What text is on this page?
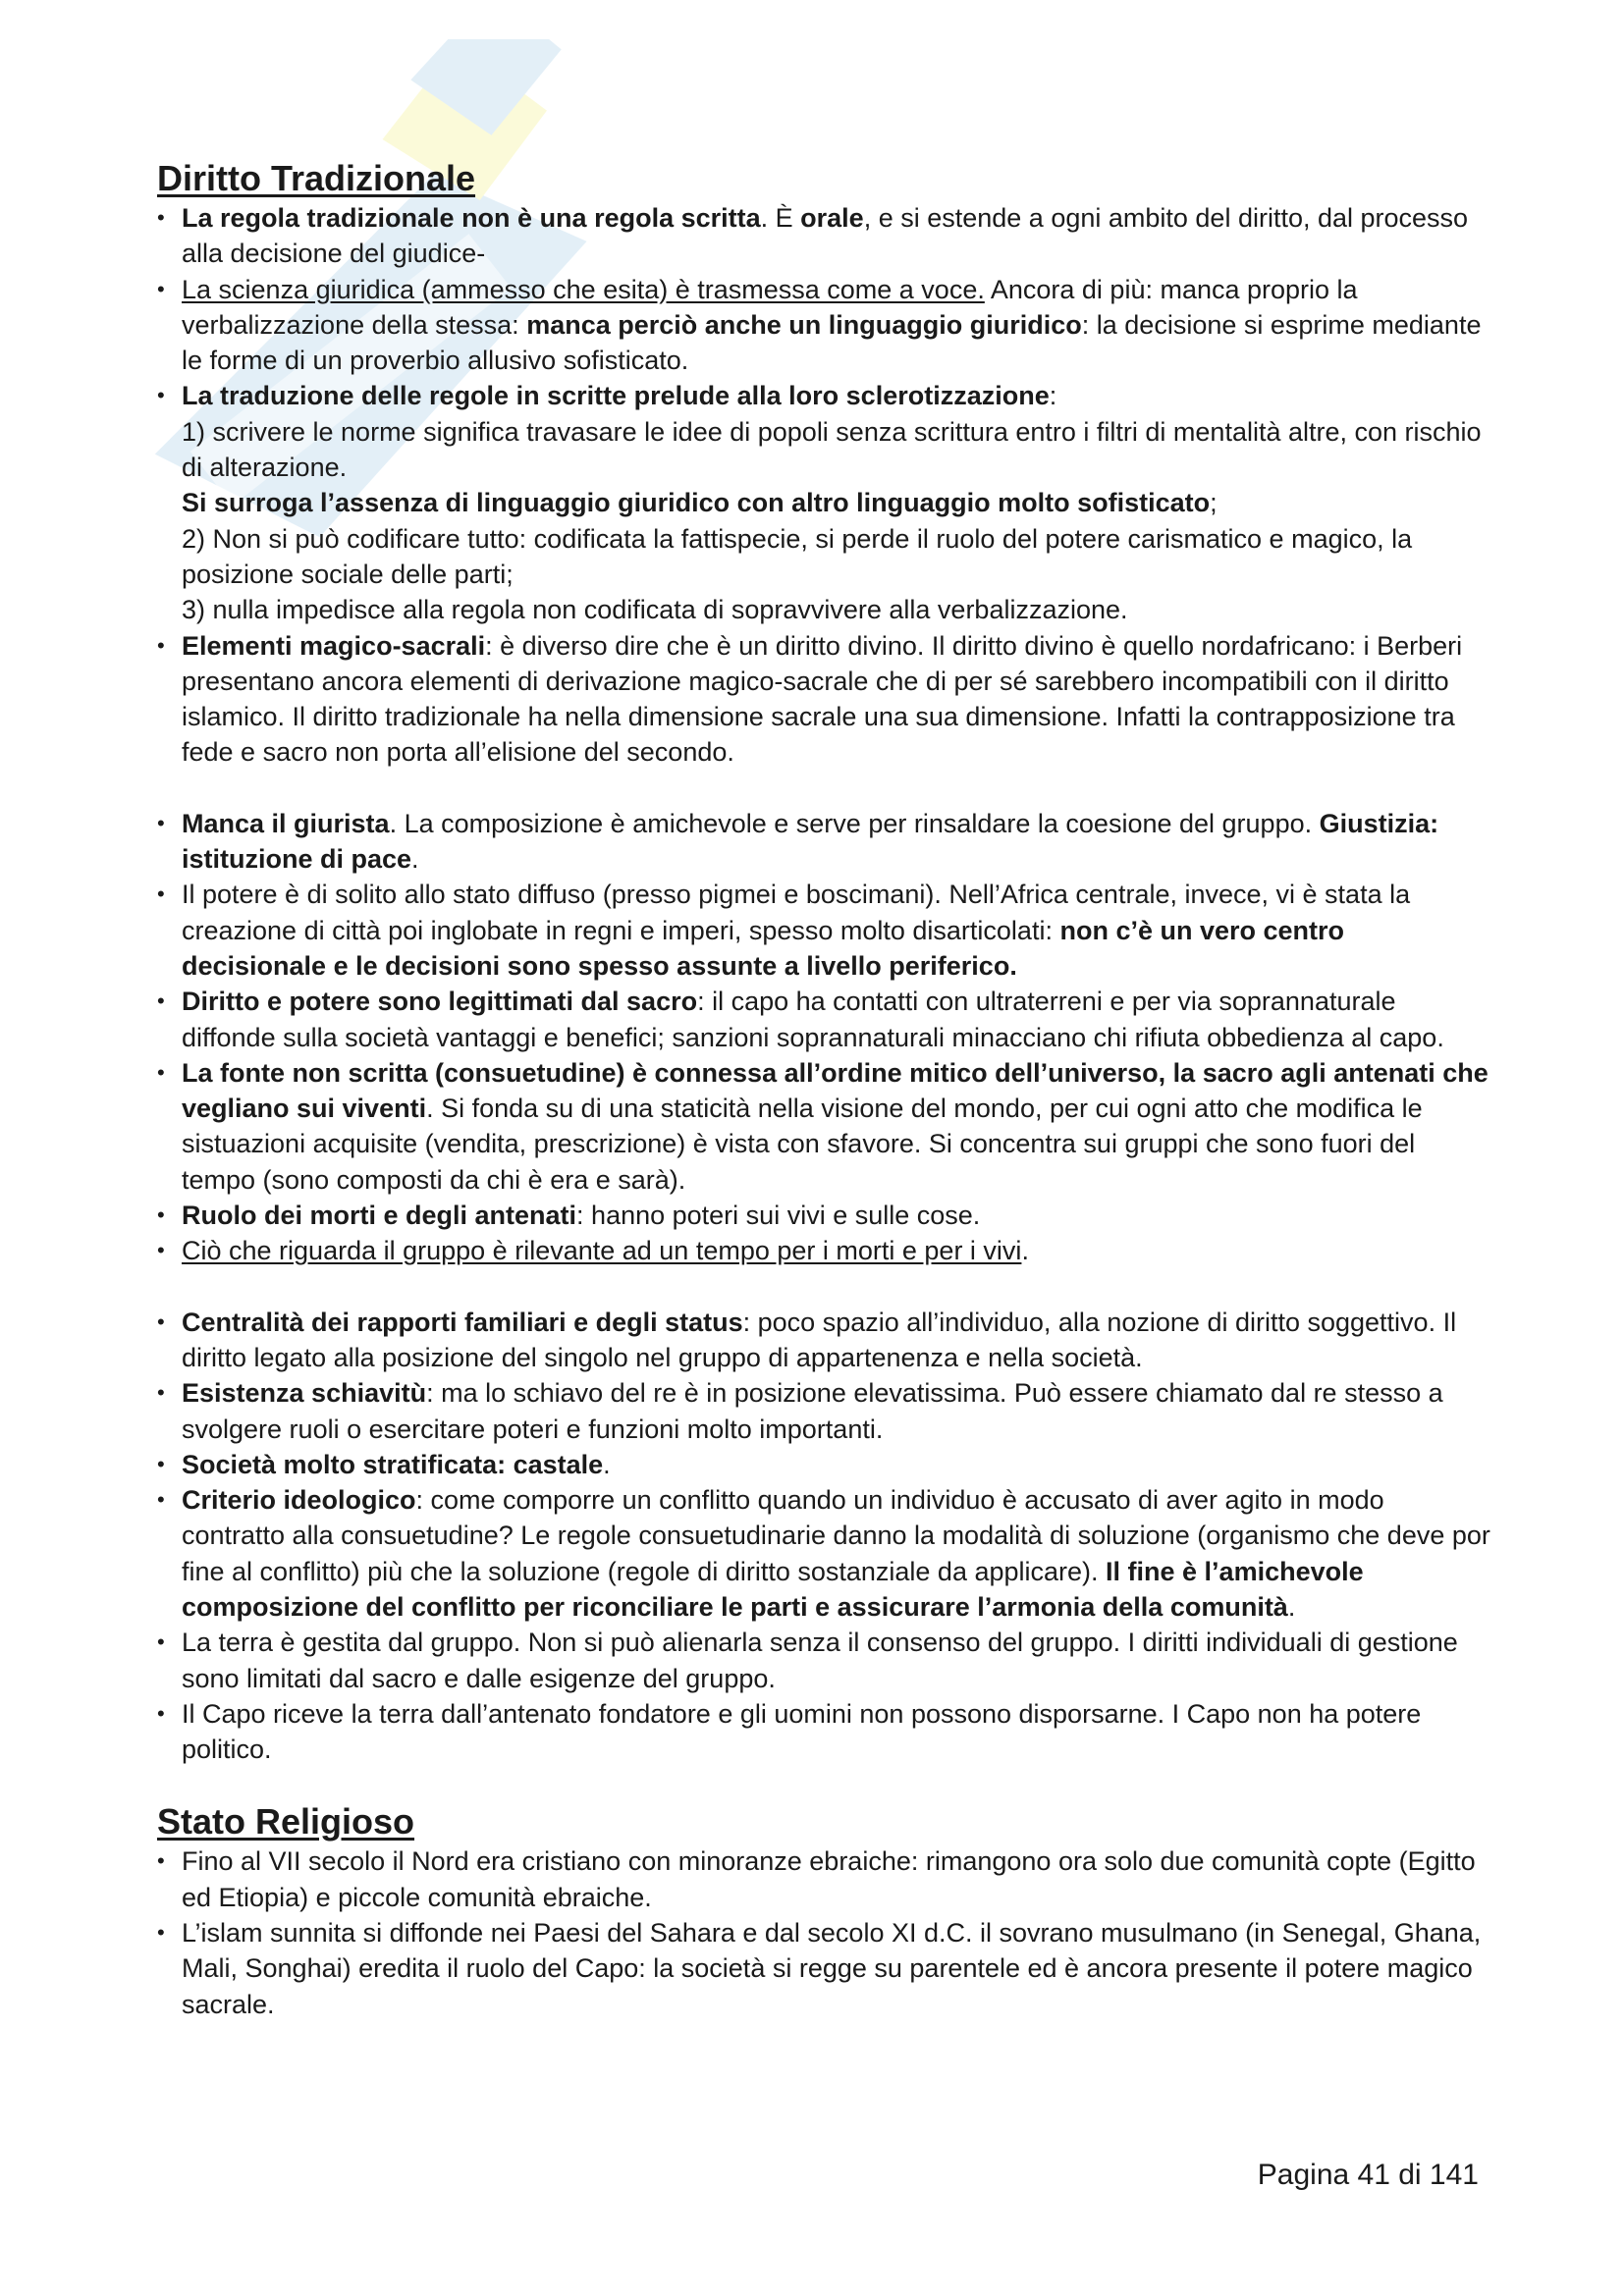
Diritto Tradizionale
• La regola tradizionale non è una regola scritta. È orale, e si estende a ogni ambito del diritto, dal processo alla decisione del giudice-
• La scienza giuridica (ammesso che esita) è trasmessa come a voce. Ancora di più: manca proprio la verbalizzazione della stessa: manca perciò anche un linguaggio giuridico: la decisione si esprime mediante le forme di un proverbio allusivo sofisticato.
• La traduzione delle regole in scritte prelude alla loro sclerotizzazione:
1) scrivere le norme significa travasare le idee di popoli senza scrittura entro i filtri di mentalità altre, con rischio di alterazione.
Si surroga l’assenza di linguaggio giuridico con altro linguaggio molto sofisticato;
2) Non si può codificare tutto: codificata la fattispecie, si perde il ruolo del potere carismatico e magico, la posizione sociale delle parti;
3) nulla impedisce alla regola non codificata di sopravvivere alla verbalizzazione.
• Elementi magico-sacrali: è diverso dire che è un diritto divino. Il diritto divino è quello nordafricano: i Berberi presentano ancora elementi di derivazione magico-sacrale che di per sé sarebbero incompatibili con il diritto islamico. Il diritto tradizionale ha nella dimensione sacrale una sua dimensione. Infatti la contrapposizione tra fede e sacro non porta all’elisione del secondo.
• Manca il giurista. La composizione è amichevole e serve per rinsaldare la coesione del gruppo. Giustizia: istituzione di pace.
• Il potere è di solito allo stato diffuso (presso pigmei e boscimani). Nell’Africa centrale, invece, vi è stata la creazione di città poi inglobate in regni e imperi, spesso molto disarticolati: non c’è un vero centro decisionale e le decisioni sono spesso assunte a livello periferico.
• Diritto e potere sono legittimati dal sacro: il capo ha contatti con ultraterreni e per via soprannaturale diffonde sulla società vantaggi e benefici; sanzioni soprannaturali minacciano chi rifiuta obbedienza al capo.
• La fonte non scritta (consuetudine) è connessa all’ordine mitico dell’universo, la sacro agli antenati che vegliano sui viventi. Si fonda su di una staticità nella visione del mondo, per cui ogni atto che modifica le sistuazioni acquisite (vendita, prescrizione) è vista con sfavore. Si concentra sui gruppi che sono fuori del tempo (sono composti da chi è era e sarà).
• Ruolo dei morti e degli antenati: hanno poteri sui vivi e sulle cose.
• Ciò che riguarda il gruppo è rilevante ad un tempo per i morti e per i vivi.
• Centralità dei rapporti familiari e degli status: poco spazio all’individuo, alla nozione di diritto soggettivo. Il diritto legato alla posizione del singolo nel gruppo di appartenenza e nella società.
• Esistenza schiavitù: ma lo schiavo del re è in posizione elevatissima. Può essere chiamato dal re stesso a svolgere ruoli o esercitare poteri e funzioni molto importanti.
• Società molto stratificata: castale.
• Criterio ideologico: come comporre un conflitto quando un individuo è accusato di aver agito in modo contratto alla consuetudine? Le regole consuetudinarie danno la modalità di soluzione (organismo che deve por fine al conflitto) più che la soluzione (regole di diritto sostanziale da applicare). Il fine è l’amichevole composizione del conflitto per riconciliare le parti e assicurare l’armonia della comunità.
• La terra è gestita dal gruppo. Non si può alienarla senza il consenso del gruppo. I diritti individuali di gestione sono limitati dal sacro e dalle esigenze del gruppo.
• Il Capo riceve la terra dall’antenato fondatore e gli uomini non possono disporsarne. I Capo non ha potere politico.
Stato Religioso
• Fino al VII secolo il Nord era cristiano con minoranze ebraiche: rimangono ora solo due comunità copte (Egitto ed Etiopia) e piccole comunità ebraiche.
• L’islam sunnita si diffonde nei Paesi del Sahara e dal secolo XI d.C. il sovrano musulmano (in Senegal, Ghana, Mali, Songhai) eredita il ruolo del Capo: la società si regge su parentele ed è ancora presente il potere magico sacrale.
Pagina 41 di 141
